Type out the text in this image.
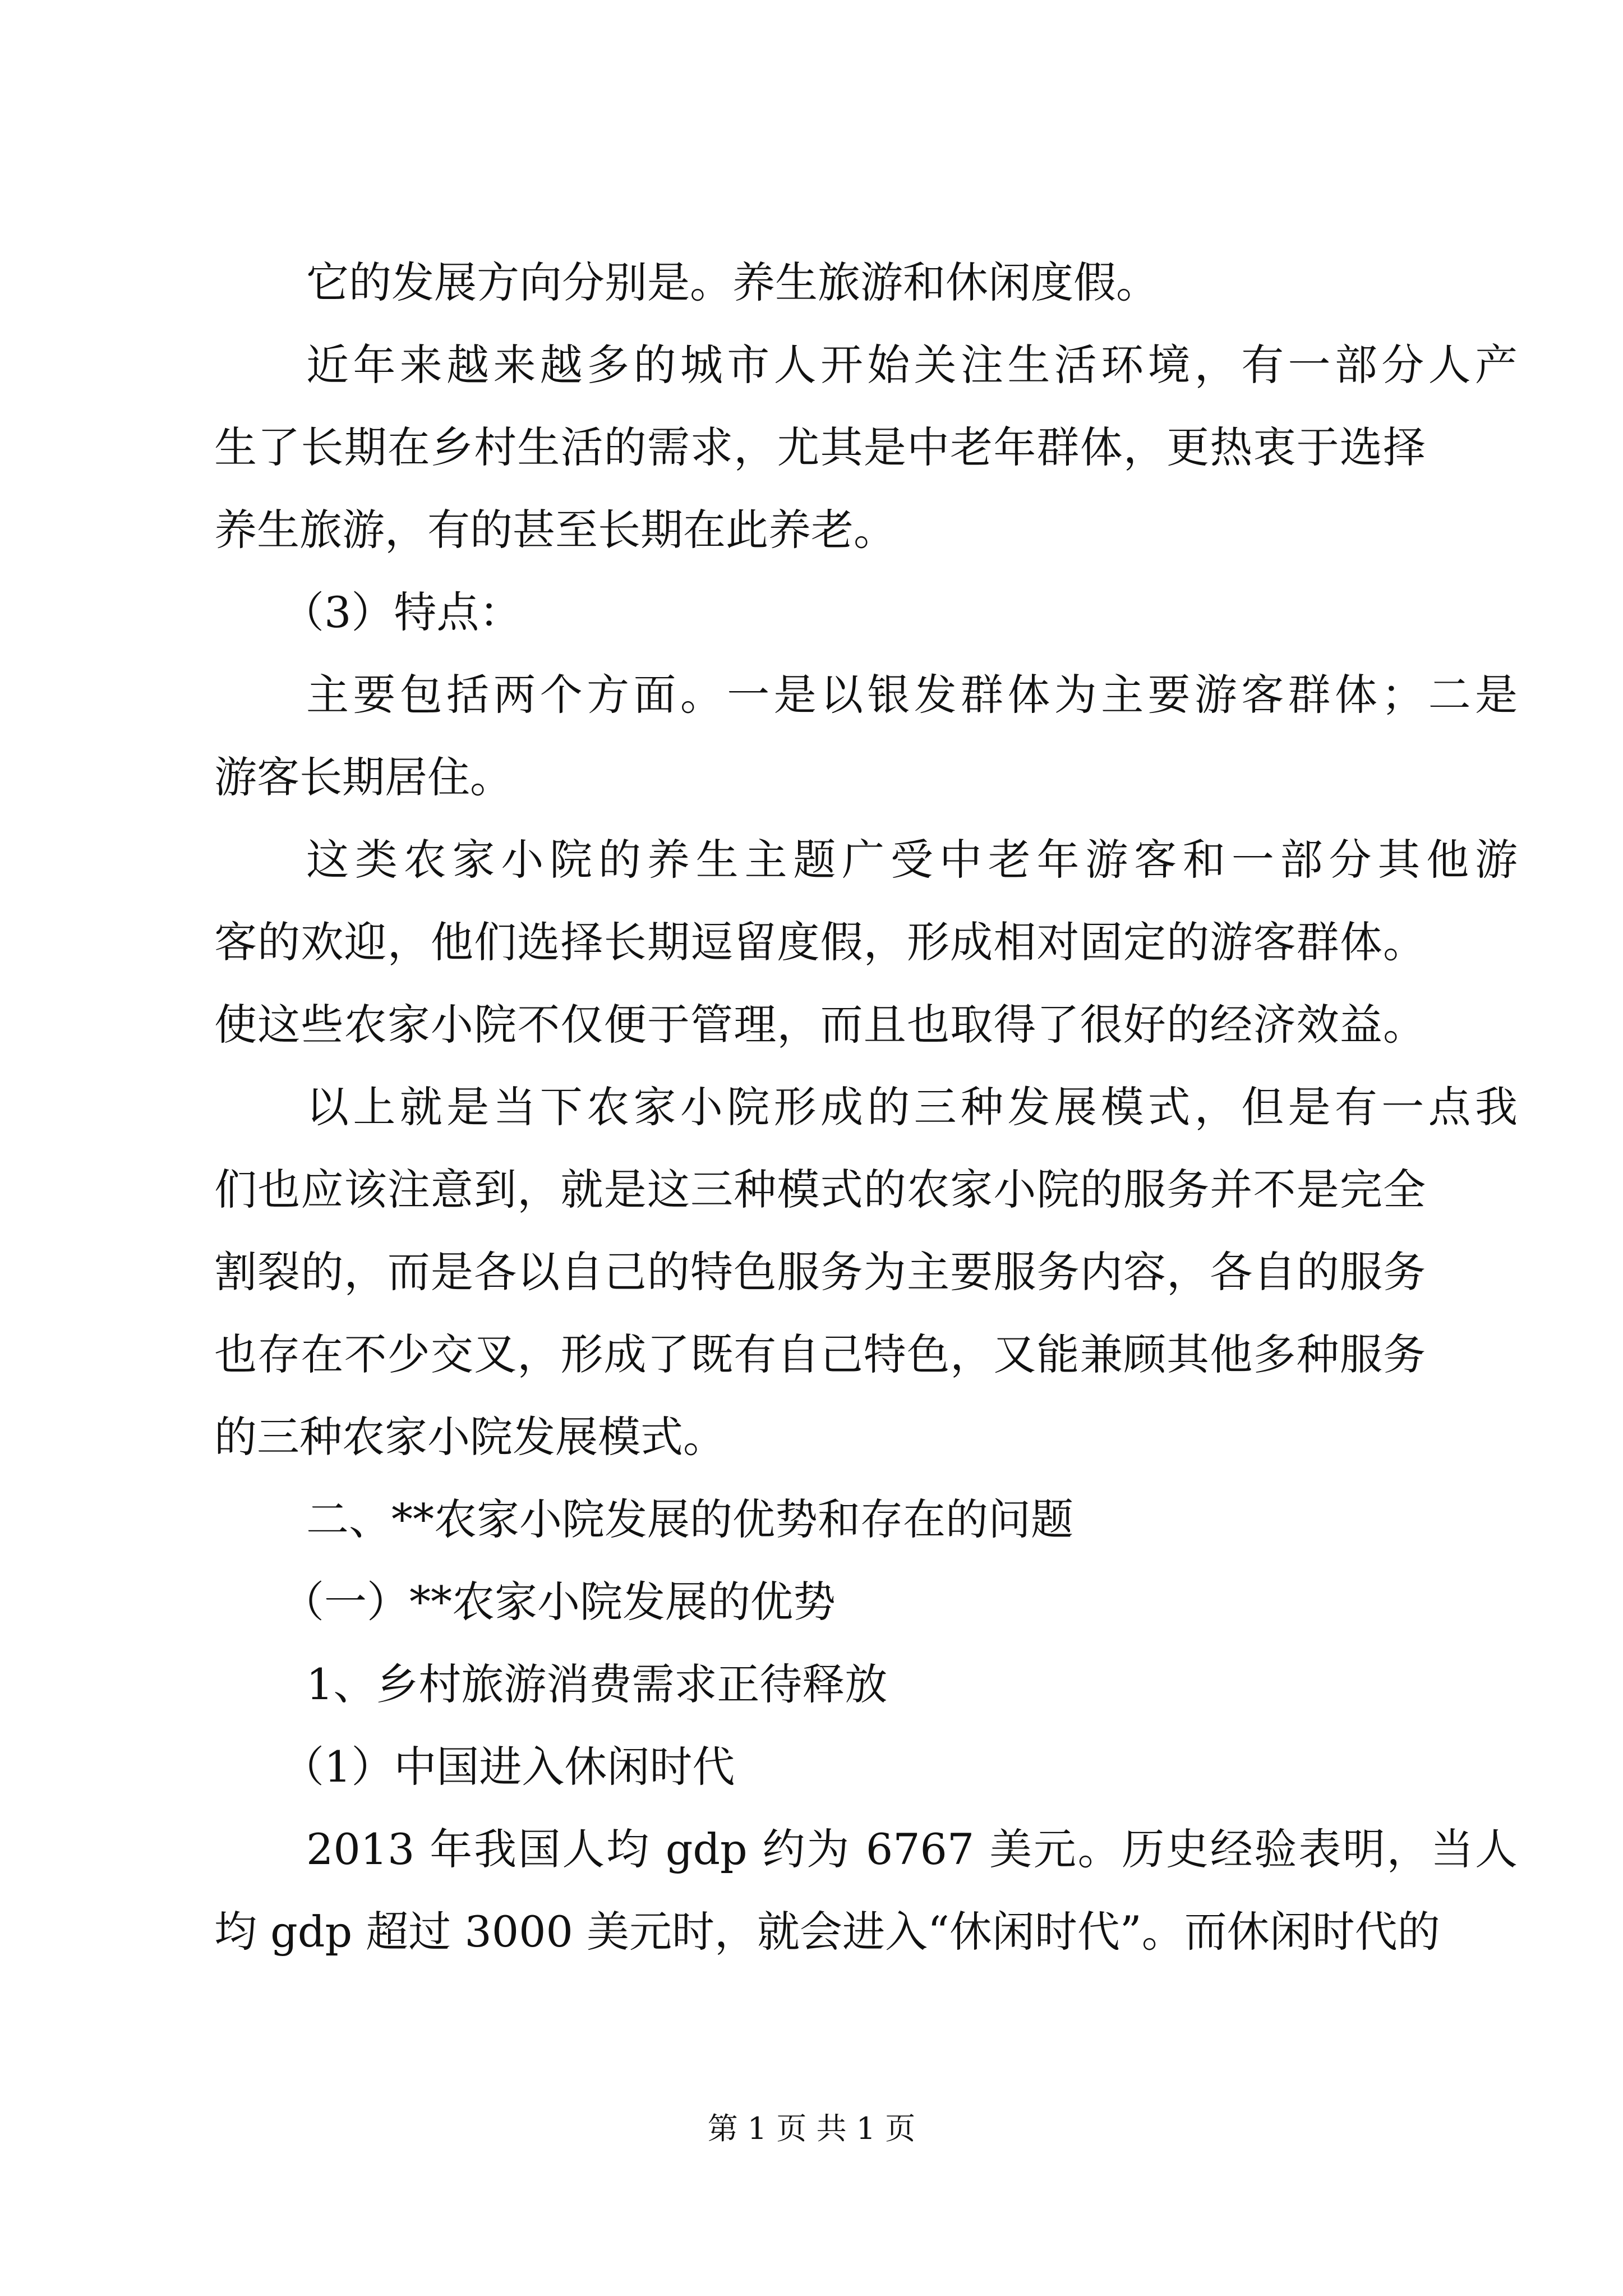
它的发展方向分别是。养生旅游和休闲度假。
近年来越来越多的城市人开始关注生活环境，有一部分人产
生了长期在乡村生活的需求，尤其是中老年群体，更热衷于选择
养生旅游，有的甚至长期在此养老。
（3）特点：
主要包括两个方面。一是以银发群体为主要游客群体；二是
游客长期居住。
这类农家小院的养生主题广受中老年游客和一部分其他游
客的欢迎，他们选择长期逗留度假，形成相对固定的游客群体。
使这些农家小院不仅便于管理，而且也取得了很好的经济效益。
以上就是当下农家小院形成的三种发展模式，但是有一点我
们也应该注意到，就是这三种模式的农家小院的服务并不是完全
割裂的，而是各以自己的特色服务为主要服务内容，各自的服务
也存在不少交叉，形成了既有自己特色，又能兼顾其他多种服务
的三种农家小院发展模式。
二、**农家小院发展的优势和存在的问题
（一）**农家小院发展的优势
1、乡村旅游消费需求正待释放
（1）中国进入休闲时代
2013 年我国人均 gdp 约为 6767 美元。历史经验表明，当人
均 gdp 超过 3000 美元时，就会进入“休闲时代”。而休闲时代的
第 1 页 共 1 页
